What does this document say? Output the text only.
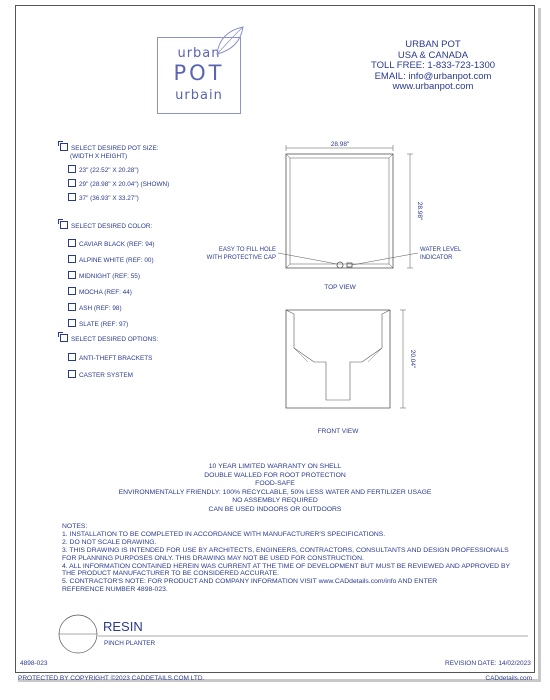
urban
POT
urbain
URBAN POT
USA & CANADA
TOLL FREE: 1-833-723-1300
EMAIL: info@urbanpot.com
www.urbanpot.com
SELECT DESIRED POT SIZE:
(WIDTH X HEIGHT)
23" (22.52" X 20.28")
29" (28.98" X 20.04") (SHOWN)
37" (36.93" X 33.27")
SELECT DESIRED COLOR:
CAVIAR BLACK (REF: 94)
ALPINE WHITE (REF: 00)
MIDNIGHT (REF: 55)
MOCHA (REF: 44)
ASH (REF: 98)
SLATE (REF: 97)
SELECT DESIRED OPTIONS:
ANTI-THEFT BRACKETS
CASTER SYSTEM
28.98"
28.98"
EASY TO FILL HOLE
WITH PROTECTIVE CAP
WATER LEVEL
INDICATOR
TOP VIEW
20.04"
FRONT VIEW
10 YEAR LIMITED WARRANTY ON SHELL
DOUBLE WALLED FOR ROOT PROTECTION
FOOD-SAFE
ENVIRONMENTALLY FRIENDLY: 100% RECYCLABLE, 50% LESS WATER AND FERTILIZER USAGE
NO ASSEMBLY REQUIRED
CAN BE USED INDOORS OR OUTDOORS
NOTES:
1. INSTALLATION TO BE COMPLETED IN ACCORDANCE WITH MANUFACTURER'S SPECIFICATIONS.
2. DO NOT SCALE DRAWING.
3. THIS DRAWING IS INTENDED FOR USE BY ARCHITECTS, ENGINEERS, CONTRACTORS, CONSULTANTS AND DESIGN PROFESSIONALS
FOR PLANNING PURPOSES ONLY. THIS DRAWING MAY NOT BE USED FOR CONSTRUCTION.
4. ALL INFORMATION CONTAINED HEREIN WAS CURRENT AT THE TIME OF DEVELOPMENT BUT MUST BE REVIEWED AND APPROVED BY
THE PRODUCT MANUFACTURER TO BE CONSIDERED ACCURATE.
5. CONTRACTOR'S NOTE: FOR PRODUCT AND COMPANY INFORMATION VISIT www.CADdetails.com/info AND ENTER
REFERENCE NUMBER 4898-023.
RESIN
PINCH PLANTER
4898-023	REVISION DATE: 14/02/2023
PROTECTED BY COPYRIGHT ©2023 CADDETAILS.COM LTD.	CADdetails.com
